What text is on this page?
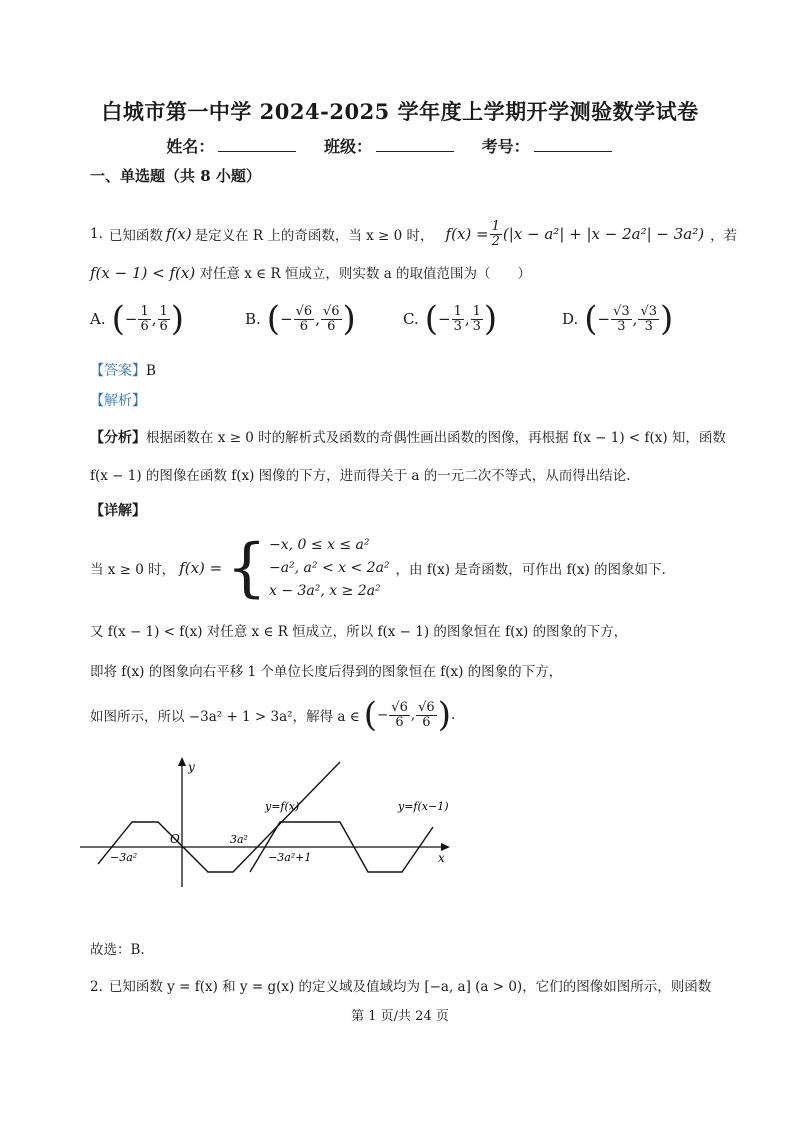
白城市第一中学 2024-2025 学年度上学期开学测验数学试卷
姓名：	班级：	考号：
一、单选题（共 8 小题）
1. 已知函数 f(x) 是定义在 R 上的奇函数，当 x ≥ 0 时， $f(x) = \frac{1}{2} (|x - a^2| + |x - 2a^2| - 3a^2)$ ，若
f(x − 1) < f(x) 对任意 x ∈ R 恒成立，则实数 a 的取值范围为（　　）
A. ( − $\frac{1}{6}$ , $\frac{1}{6}$ )	B. ( − $\frac{√6}{6}$ , $\frac{√6}{6}$ )	C. ( − $\frac{1}{3}$ , $\frac{1}{3}$ )	D. ( − $\frac{√3}{3}$ , $\frac{√3}{3}$ )
【答案】B
【解析】
【分析】根据函数在 x ≥ 0 时的解析式及函数的奇偶性画出函数的图像，再根据 f(x − 1) < f(x) 知，函数
f(x − 1) 的图像在函数 f(x) 图像的下方，进而得关于 a 的一元二次不等式，从而得出结论.
【详解】
当 x ≥ 0 时， f(x) = { −x, 0 ≤ x ≤ a²
−a², a² < x < 2a²
x − 3a², x ≥ 2a²
，由 f(x) 是奇函数，可作出 f(x) 的图象如下.
又 f(x − 1) < f(x) 对任意 x ∈ R 恒成立，所以 f(x − 1) 的图象恒在 f(x) 的图象的下方，
即将 f(x) 的图象向右平移 1 个单位长度后得到的图象恒在 f(x) 的图象的下方，
如图所示，所以 −3a² + 1 > 3a²，解得 a ∈ ( − $\frac{√6}{6}$ , $\frac{√6}{6}$ ) .
y
x
O
y=f(x)	y=f(x−1)
3a²
−3a²	−3a²+1
故选：B.
2. 已知函数 y = f(x) 和 y = g(x) 的定义域及值域均为 [−a, a] (a > 0)，它们的图像如图所示，则函数
第 1 页/共 24 页
